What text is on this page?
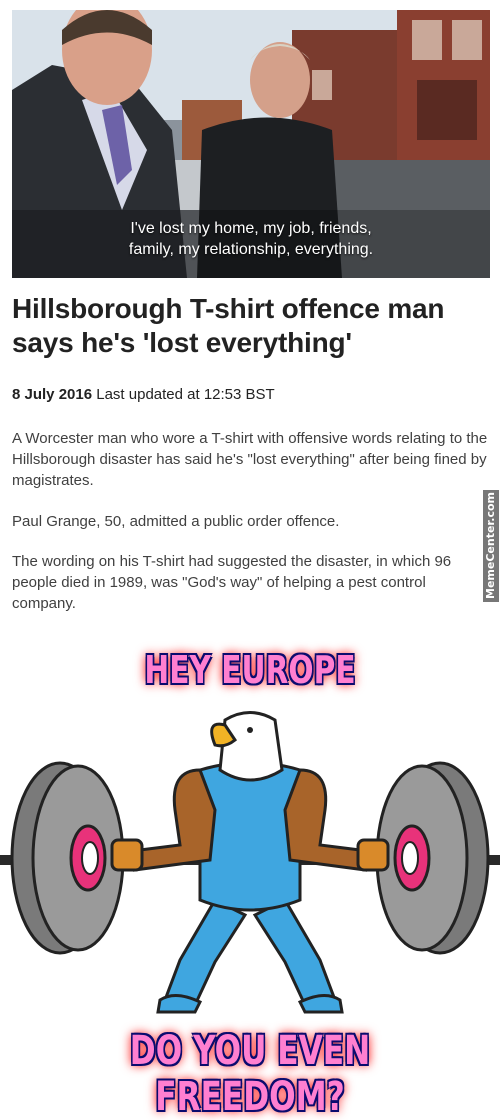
I've lost my home, my job, friends,
family, my relationship, everything.
Hillsborough T-shirt offence man says he's 'lost everything'
8 July 2016 Last updated at 12:53 BST

A Worcester man who wore a T-shirt with offensive words relating to the Hillsborough disaster has said he's "lost everything" after being fined by magistrates.

Paul Grange, 50, admitted a public order offence.

The wording on his T-shirt had suggested the disaster, in which 96 people died in 1989, was "God's way" of helping a pest control company.

MemeCenter.com
HEY EUROPE
DO YOU EVEN FREEDOM?
